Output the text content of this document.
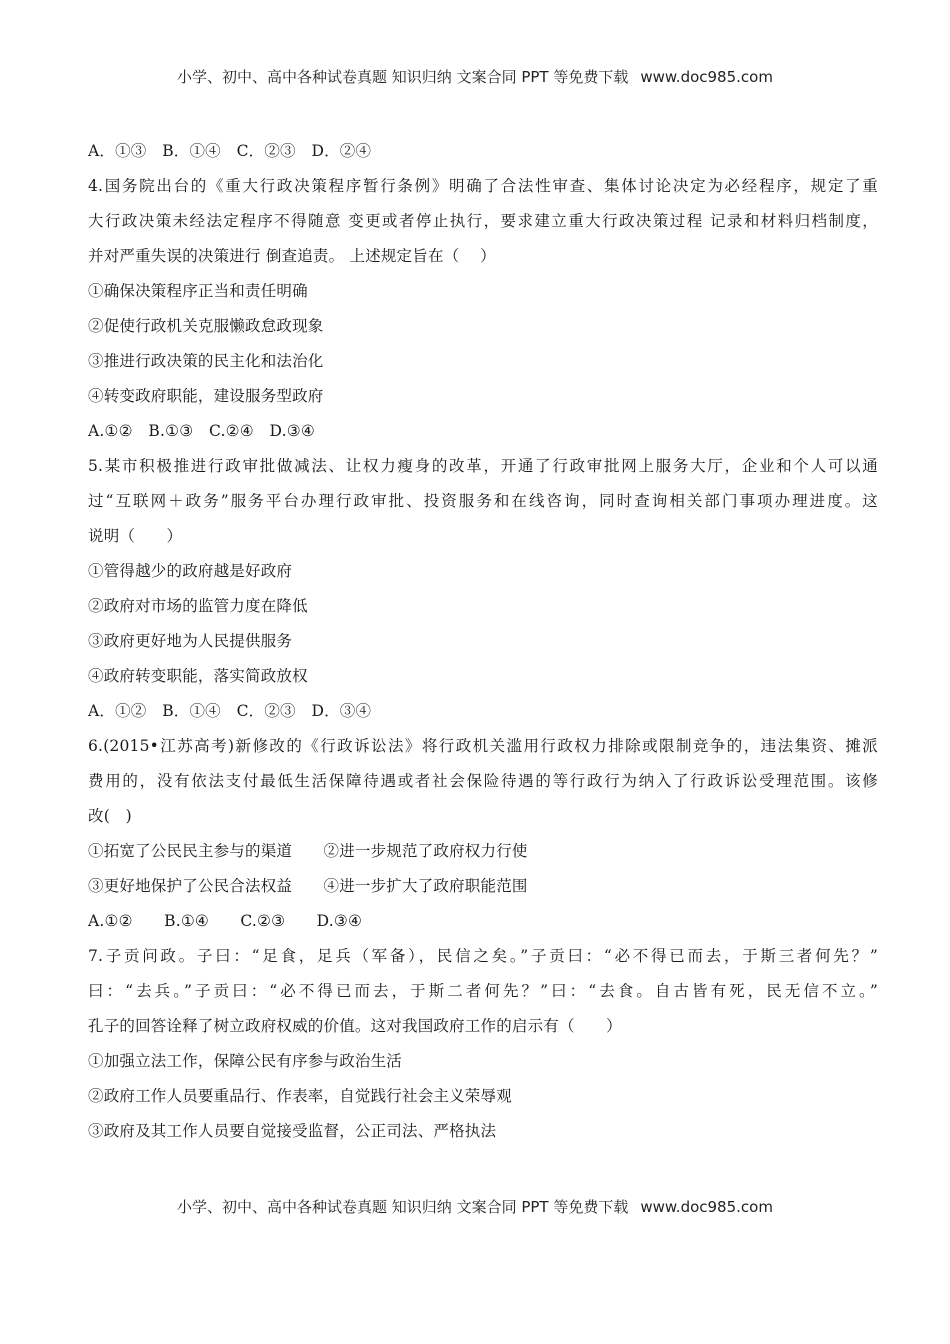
小学、初中、高中各种试卷真题 知识归纳 文案合同 PPT 等免费下载 www.doc985.com
A．①③　B．①④　C．②③　D．②④
4.国务院出台的《重大行政决策程序暂行条例》明确了合法性审查、集体讨论决定为必经程序，规定了重
大行政决策未经法定程序不得随意 变更或者停止执行，要求建立重大行政决策过程 记录和材料归档制度，
并对严重失误的决策进行 倒查追责。 上述规定旨在（　 ）
①确保决策程序正当和责任明确
②促使行政机关克服懒政怠政现象
③推进行政决策的民主化和法治化
④转变政府职能，建设服务型政府
A.①②　B.①③　C.②④　D.③④
5.某市积极推进行政审批做减法、让权力瘦身的改革，开通了行政审批网上服务大厅，企业和个人可以通
过“互联网＋政务”服务平台办理行政审批、投资服务和在线咨询，同时查询相关部门事项办理进度。这
说明（　　）
①管得越少的政府越是好政府
②政府对市场的监管力度在降低
③政府更好地为人民提供服务
④政府转变职能，落实简政放权
A．①②　B．①④　C．②③　D．③④
6.(2015•江苏高考)新修改的《行政诉讼法》将行政机关滥用行政权力排除或限制竞争的，违法集资、摊派
费用的，没有依法支付最低生活保障待遇或者社会保险待遇的等行政行为纳入了行政诉讼受理范围。该修
改(　)
①拓宽了公民民主参与的渠道　　②进一步规范了政府权力行使
③更好地保护了公民合法权益　　④进一步扩大了政府职能范围
A.①②　　B.①④　　C.②③　　D.③④
7.子贡问政。子曰：“足食，足兵（军备），民信之矣。”子贡曰：“必不得已而去，于斯三者何先？”
曰：“去兵。”子贡曰：“必不得已而去，于斯二者何先？”曰：“去食。自古皆有死，民无信不立。”
孔子的回答诠释了树立政府权威的价值。这对我国政府工作的启示有（　　）
①加强立法工作，保障公民有序参与政治生活
②政府工作人员要重品行、作表率，自觉践行社会主义荣辱观
③政府及其工作人员要自觉接受监督，公正司法、严格执法
小学、初中、高中各种试卷真题 知识归纳 文案合同 PPT 等免费下载 www.doc985.com
